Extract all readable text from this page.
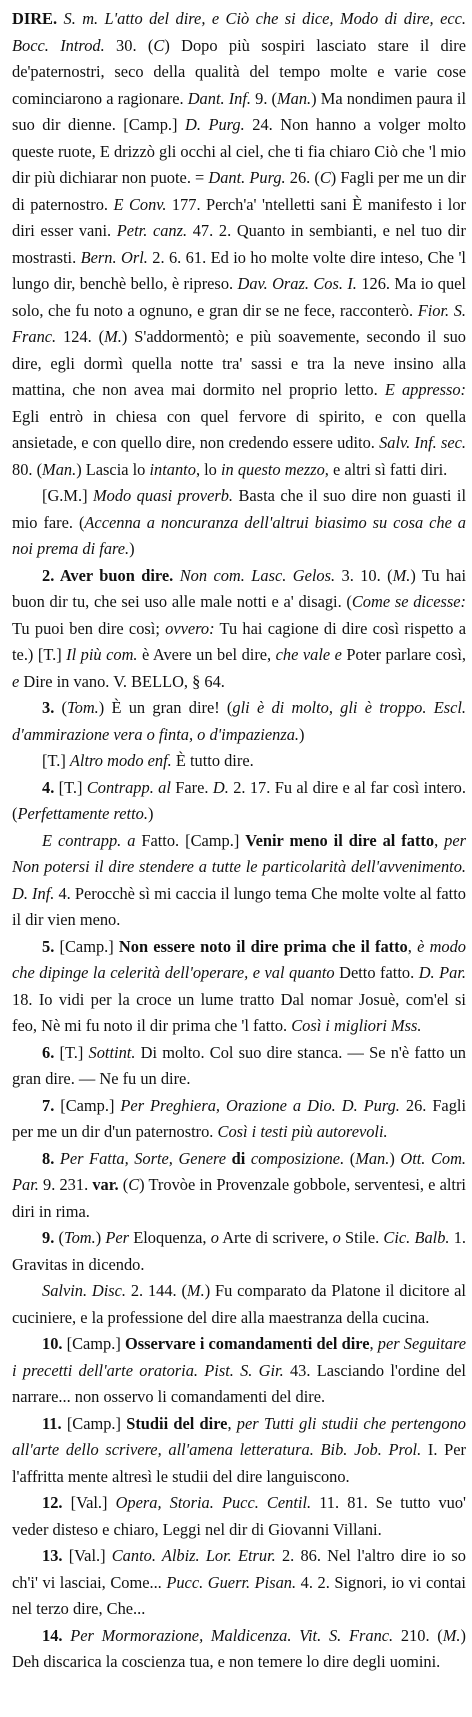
DIRE. S. m. L'atto del dire, e Ciò che si dice, Modo di dire, ecc. Bocc. Introd. 30. (C) Dopo più sospiri lasciato stare il dire de'paternostri, seco della qualità del tempo molte e varie cose cominciarono a ragionare. Dant. Inf. 9. (Man.) Ma nondimen paura il suo dir dienne. [Camp.] D. Purg. 24. Non hanno a volger molto queste ruote, E drizzò gli occhi al ciel, che ti fia chiaro Ciò che 'l mio dir più dichiarar non puote. = Dant. Purg. 26. (C) Fagli per me un dir di paternostro. E Conv. 177. Perch'a' 'ntelletti sani È manifesto i lor diri esser vani. Petr. canz. 47. 2. Quanto in sembianti, e nel tuo dir mostrasti. Bern. Orl. 2. 6. 61. Ed io ho molte volte dire inteso, Che 'l lungo dir, benchè bello, è ripreso. Dav. Oraz. Cos. I. 126. Ma io quel solo, che fu noto a ognuno, e gran dir se ne fece, racconterò. Fior. S. Franc. 124. (M.) S'addormentò; e più soavemente, secondo il suo dire, egli dormì quella notte tra' sassi e tra la neve insino alla mattina, che non avea mai dormito nel proprio letto. E appresso: Egli entrò in chiesa con quel fervore di spirito, e con quella ansietade, e con quello dire, non credendo essere udito. Salv. Inf. sec. 80. (Man.) Lascia lo intanto, lo in questo mezzo, e altri sì fatti diri.

[G.M.] Modo quasi proverb. Basta che il suo dire non guasti il mio fare. (Accenna a noncuranza dell'altrui biasimo su cosa che a noi prema di fare.)

2. Aver buon dire. Non com. Lasc. Gelos. 3. 10. (M.) Tu hai buon dir tu, che sei uso alle male notti e a' disagi. (Come se dicesse: Tu puoi ben dire così; ovvero: Tu hai cagione di dire così rispetto a te.) [T.] Il più com. è Avere un bel dire, che vale e Poter parlare così, e Dire in vano. V. BELLO, § 64.

3. (Tom.) È un gran dire! (gli è di molto, gli è troppo. Escl. d'ammirazione vera o finta, o d'impazienza.)

[T.] Altro modo enf. È tutto dire.

4. [T.] Contrapp. al Fare. D. 2. 17. Fu al dire e al far così intero. (Perfettamente retto.)

E contrapp. a Fatto. [Camp.] Venir meno il dire al fatto, per Non potersi il dire stendere a tutte le particolarità dell'avvenimento. D. Inf. 4. Perocchè sì mi caccia il lungo tema Che molte volte al fatto il dir vien meno.

5. [Camp.] Non essere noto il dire prima che il fatto, è modo che dipinge la celerità dell'operare, e val quanto Detto fatto. D. Par. 18. Io vidi per la croce un lume tratto Dal nomar Josuè, com'el si feo, Nè mi fu noto il dir prima che 'l fatto. Così i migliori Mss.

6. [T.] Sottint. Di molto. Col suo dire stanca. — Se n'è fatto un gran dire. — Ne fu un dire.

7. [Camp.] Per Preghiera, Orazione a Dio. D. Purg. 26. Fagli per me un dir d'un paternostro. Così i testi più autorevoli.

8. Per Fatta, Sorte, Genere di composizione. (Man.) Ott. Com. Par. 9. 231. var. (C) Trovòe in Provenzale gobbole, serventesi, e altri diri in rima.

9. (Tom.) Per Eloquenza, o Arte di scrivere, o Stile. Cic. Balb. 1. Gravitas in dicendo.

Salvin. Disc. 2. 144. (M.) Fu comparato da Platone il dicitore al cuciniere, e la professione del dire alla maestranza della cucina.

10. [Camp.] Osservare i comandamenti del dire, per Seguitare i precetti dell'arte oratoria. Pist. S. Gir. 43. Lasciando l'ordine del narrare... non osservo li comandamenti del dire.

11. [Camp.] Studii del dire, per Tutti gli studii che pertengono all'arte dello scrivere, all'amena letteratura. Bib. Job. Prol. I. Per l'affritta mente altresì le studii del dire languiscono.

12. [Val.] Opera, Storia. Pucc. Centil. 11. 81. Se tutto vuo' veder disteso e chiaro, Leggi nel dir di Giovanni Villani.

13. [Val.] Canto. Albiz. Lor. Etrur. 2. 86. Nel l'altro dire io so ch'i' vi lasciai, Come... Pucc. Guerr. Pisan. 4. 2. Signori, io vi contai nel terzo dire, Che...

14. Per Mormorazione, Maldicenza. Vit. S. Franc. 210. (M.) Deh discarica la coscienza tua, e non temere lo dire degli uomini.
